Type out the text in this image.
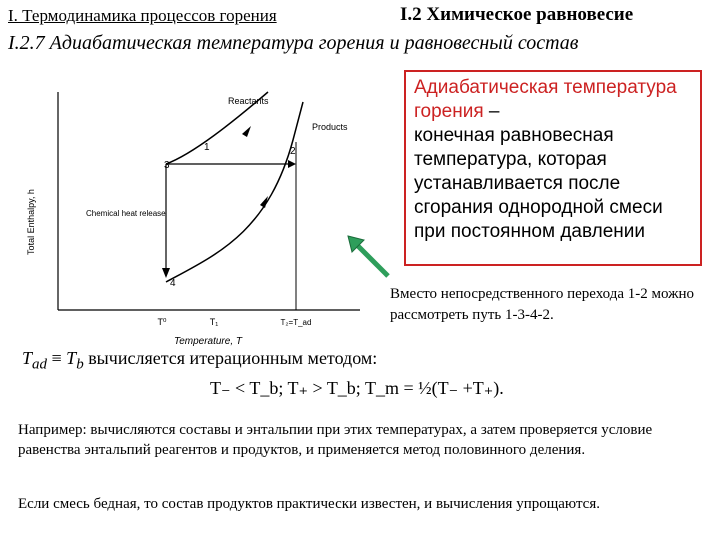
I. Термодинамика процессов горения	I.2 Химическое равновесие
I.2.7 Адиабатическая температура горения и равновесный состав
Total Enthalpy, h
Temperature, T
T⁰	T₁	T₂=T_ad
Reactants
Products
1	2
3
4
Chemical heat release
Адиабатическая температура горения –
конечная равновесная температура, которая устанавливается после сгорания однородной смеси при постоянном давлении
Вместо непосредственного перехода 1-2 можно рассмотреть путь 1-3-4-2.
$T_{ad} \equiv T_b$ вычисляется итерационным методом:
T₋ < T_b; T₊ > T_b; T_m = ½(T₋ +T₊).
Например: вычисляются составы и энтальпии при этих температурах, а затем проверяется условие равенства энтальпий реагентов и продуктов, и применяется метод половинного деления.
Если смесь бедная, то состав продуктов практически известен, и вычисления упрощаются.
